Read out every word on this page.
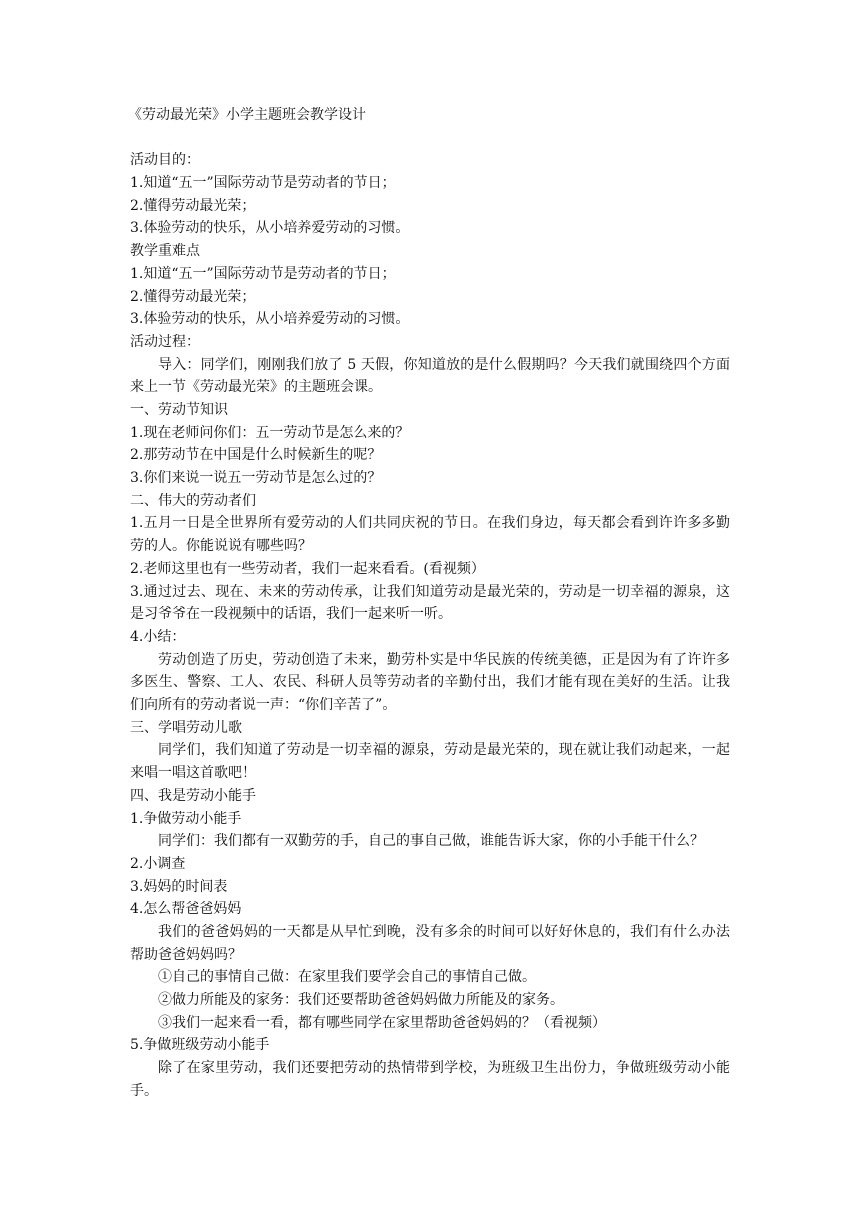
《劳动最光荣》小学主题班会教学设计
活动目的：
1.知道“五一”国际劳动节是劳动者的节日；
2.懂得劳动最光荣；
3.体验劳动的快乐，从小培养爱劳动的习惯。
教学重难点
1.知道“五一”国际劳动节是劳动者的节日；
2.懂得劳动最光荣；
3.体验劳动的快乐，从小培养爱劳动的习惯。
活动过程：
导入：同学们，刚刚我们放了 5 天假，你知道放的是什么假期吗？今天我们就围绕四个方面来上一节《劳动最光荣》的主题班会课。
一、劳动节知识
1.现在老师问你们：五一劳动节是怎么来的？
2.那劳动节在中国是什么时候新生的呢？
3.你们来说一说五一劳动节是怎么过的？
二、伟大的劳动者们
1.五月一日是全世界所有爱劳动的人们共同庆祝的节日。在我们身边，每天都会看到许许多多勤劳的人。你能说说有哪些吗？
2.老师这里也有一些劳动者，我们一起来看看。(看视频）
3.通过过去、现在、未来的劳动传承，让我们知道劳动是最光荣的，劳动是一切幸福的源泉，这是习爷爷在一段视频中的话语，我们一起来听一听。
4.小结：
劳动创造了历史，劳动创造了未来，勤劳朴实是中华民族的传统美德，正是因为有了许许多多医生、警察、工人、农民、科研人员等劳动者的辛勤付出，我们才能有现在美好的生活。让我们向所有的劳动者说一声：“你们辛苦了”。
三、学唱劳动儿歌
同学们，我们知道了劳动是一切幸福的源泉，劳动是最光荣的，现在就让我们动起来，一起来唱一唱这首歌吧！
四、我是劳动小能手
1.争做劳动小能手
同学们：我们都有一双勤劳的手，自己的事自己做，谁能告诉大家，你的小手能干什么？
2.小调查
3.妈妈的时间表
4.怎么帮爸爸妈妈
我们的爸爸妈妈的一天都是从早忙到晚，没有多余的时间可以好好休息的，我们有什么办法帮助爸爸妈妈吗？
①自己的事情自己做：在家里我们要学会自己的事情自己做。
②做力所能及的家务：我们还要帮助爸爸妈妈做力所能及的家务。
③我们一起来看一看，都有哪些同学在家里帮助爸爸妈妈的？（看视频）
5.争做班级劳动小能手
除了在家里劳动，我们还要把劳动的热情带到学校，为班级卫生出份力，争做班级劳动小能手。
